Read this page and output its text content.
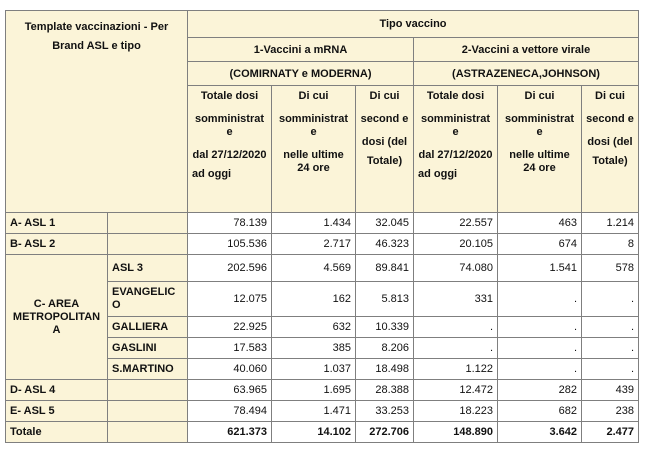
Template vaccinazioni - Per Brand ASL e tipo		Tipo vaccino					
		1-Vaccini a mRNA			2-Vaccini a vettore virale		
		(COMIRNATY e MODERNA)			(ASTRAZENECA,JOHNSON)		

		Totale dosi
somministrat e
dal 27/12/2020
ad oggi	Di cui
somministrat e
nelle ultime 24 ore	Di cui
second e
dosi (del
Totale)	Totale dosi
somministrat e
dal 27/12/2020
ad oggi	Di cui
somministrat e
nelle ultime 24 ore	Di cui
second e
dosi (del
Totale)

A- ASL 1		78.139	1.434	32.045	22.557	463	1.214
B- ASL 2		105.536	2.717	46.323	20.105	674	8
C- AREA METROPOLITAN A	ASL 3	202.596	4.569	89.841	74.080	1.541	578
	EVANGELIC O	12.075	162	5.813	331	.	.
	GALLIERA	22.925	632	10.339	.	.	.
	GASLINI	17.583	385	8.206	.	.	.
	S.MARTINO	40.060	1.037	18.498	1.122	.	.
D- ASL 4		63.965	1.695	28.388	12.472	282	439
E- ASL 5		78.494	1.471	33.253	18.223	682	238
Totale		621.373	14.102	272.706	148.890	3.642	2.477
